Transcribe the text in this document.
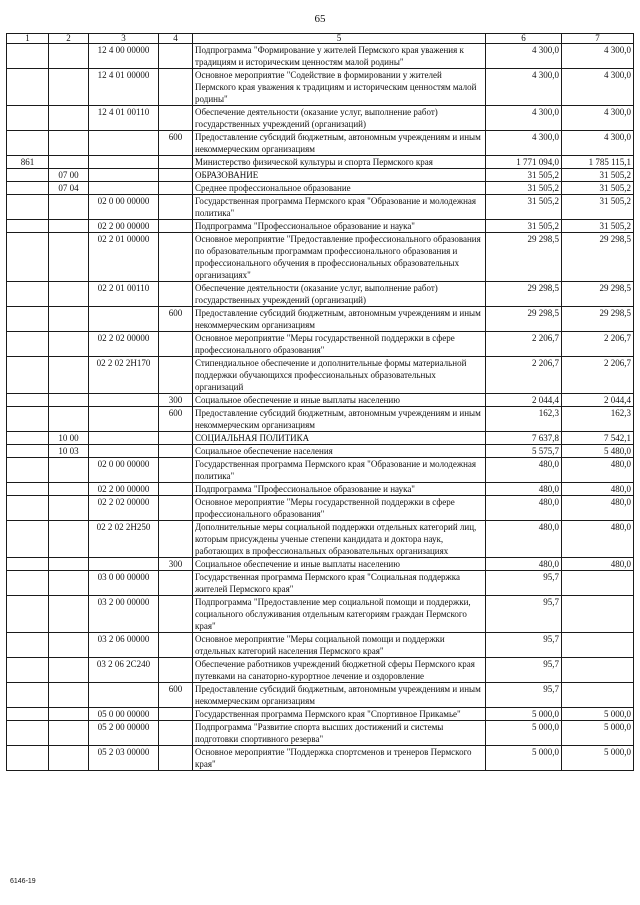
65
1	2	3	4	5	6	7
		12 4 00 00000		Подпрограмма "Формирование у жителей Пермского края уважения к традициям и историческим ценностям малой родины"	4 300,0	4 300,0
		12 4 01 00000		Основное мероприятие "Содействие в формировании у жителей Пермского края уважения к традициям и историческим ценностям малой родины"	4 300,0	4 300,0
		12 4 01 00110		Обеспечение деятельности (оказание услуг, выполнение работ) государственных учреждений (организаций)	4 300,0	4 300,0
			600	Предоставление субсидий бюджетным, автономным учреждениям и иным некоммерческим организациям	4 300,0	4 300,0
861				Министерство физической культуры и спорта Пермского края	1 771 094,0	1 785 115,1
	07 00			ОБРАЗОВАНИЕ	31 505,2	31 505,2
	07 04			Среднее профессиональное образование	31 505,2	31 505,2
		02 0 00 00000		Государственная программа Пермского края "Образование и молодежная политика"	31 505,2	31 505,2
		02 2 00 00000		Подпрограмма "Профессиональное образование и наука"	31 505,2	31 505,2
		02 2 01 00000		Основное мероприятие "Предоставление профессионального образования по образовательным программам профессионального образования и профессионального обучения в профессиональных образовательных организациях"	29 298,5	29 298,5
		02 2 01 00110		Обеспечение деятельности (оказание услуг, выполнение работ) государственных учреждений (организаций)	29 298,5	29 298,5
			600	Предоставление субсидий бюджетным, автономным учреждениям и иным некоммерческим организациям	29 298,5	29 298,5
		02 2 02 00000		Основное мероприятие "Меры государственной поддержки в сфере профессионального образования"	2 206,7	2 206,7
		02 2 02 2Н170		Стипендиальное обеспечение и дополнительные формы материальной поддержки обучающихся профессиональных образовательных организаций	2 206,7	2 206,7
			300	Социальное обеспечение и иные выплаты населению	2 044,4	2 044,4
			600	Предоставление субсидий бюджетным, автономным учреждениям и иным некоммерческим организациям	162,3	162,3
	10 00			СОЦИАЛЬНАЯ ПОЛИТИКА	7 637,8	7 542,1
	10 03			Социальное обеспечение населения	5 575,7	5 480,0
		02 0 00 00000		Государственная программа Пермского края "Образование и молодежная политика"	480,0	480,0
		02 2 00 00000		Подпрограмма "Профессиональное образование и наука"	480,0	480,0
		02 2 02 00000		Основное мероприятие "Меры государственной поддержки в сфере профессионального образования"	480,0	480,0
		02 2 02 2Н250		Дополнительные меры социальной поддержки отдельных категорий лиц, которым присуждены ученые степени кандидата и доктора наук, работающих в профессиональных образовательных организациях	480,0	480,0
			300	Социальное обеспечение и иные выплаты населению	480,0	480,0
		03 0 00 00000		Государственная программа Пермского края "Социальная поддержка жителей Пермского края"	95,7	
		03 2 00 00000		Подпрограмма "Предоставление мер социальной помощи и поддержки, социального обслуживания отдельным категориям граждан Пермского края"	95,7	
		03 2 06 00000		Основное мероприятие "Меры социальной помощи и поддержки отдельных категорий населения Пермского края"	95,7	
		03 2 06 2С240		Обеспечение работников учреждений бюджетной сферы Пермского края путевками на санаторно-курортное лечение и оздоровление	95,7	
			600	Предоставление субсидий бюджетным, автономным учреждениям и иным некоммерческим организациям	95,7	
		05 0 00 00000		Государственная программа Пермского края "Спортивное Прикамье"	5 000,0	5 000,0
		05 2 00 00000		Подпрограмма "Развитие спорта высших достижений и системы подготовки спортивного резерва"	5 000,0	5 000,0
		05 2 03 00000		Основное мероприятие "Поддержка спортсменов и тренеров Пермского края"	5 000,0	5 000,0
6146-19
